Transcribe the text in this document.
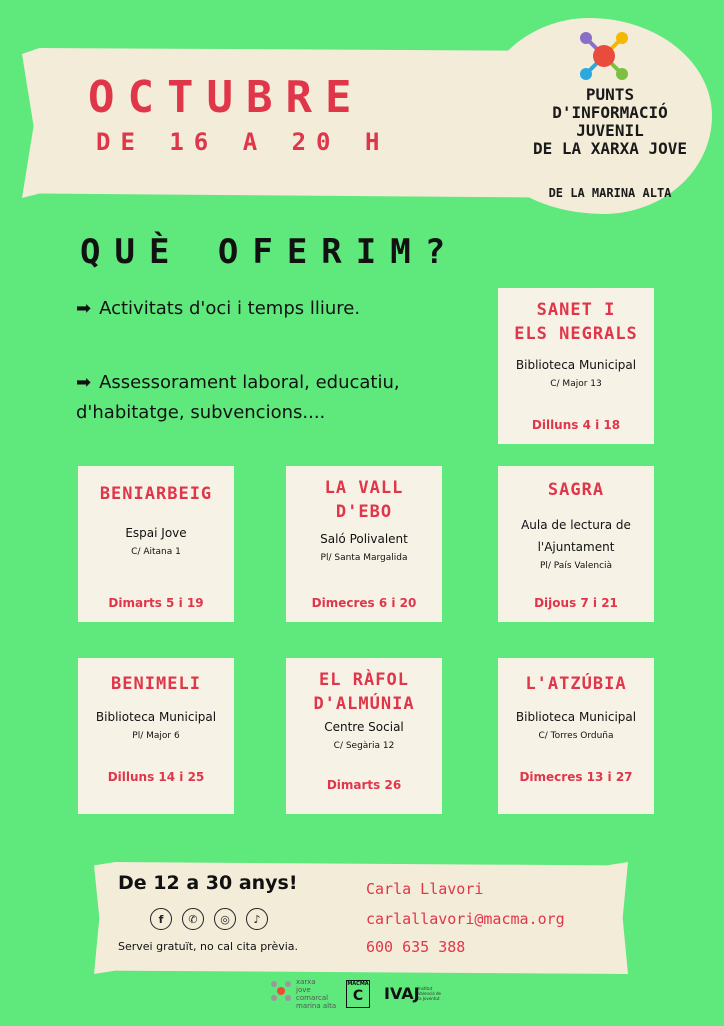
OCTUBRE
DE 16 A 20 H
PUNTS
D'INFORMACIÓ
JUVENIL
DE LA XARXA JOVE
DE LA MARINA ALTA
QUÈ OFERIM?
➡ Activitats d'oci i temps lliure.
➡ Assessorament laboral, educatiu,
d'habitatge, subvencions....
SANET I
ELS NEGRALS
Biblioteca Municipal
C/ Major 13
Dilluns 4 i 18
BENIARBEIG
Espai Jove
C/ Aitana 1
Dimarts 5 i 19
LA VALL
D'EBO
Saló Polivalent
Pl/ Santa Margalida
Dimecres 6 i 20
SAGRA
Aula de lectura de
l'Ajuntament
Pl/ País Valencià
Dijous 7 i 21
BENIMELI
Biblioteca Municipal
Pl/ Major 6
Dilluns 14 i 25
EL RÀFOL
D'ALMÚNIA
Centre Social
C/ Segària 12
Dimarts 26
L'ATZÚBIA
Biblioteca Municipal
C/ Torres Orduña
Dimecres 13 i 27
De 12 a 30 anys!
f	✆	◎	♪
Servei gratuït, no cal cita prèvia.
Carla Llavori
carlallavori@macma.org
600 635 388
xarxa
jove
comarcal
marina alta
MACMA
C	IVAJ
Institut Valencià de la Joventut
